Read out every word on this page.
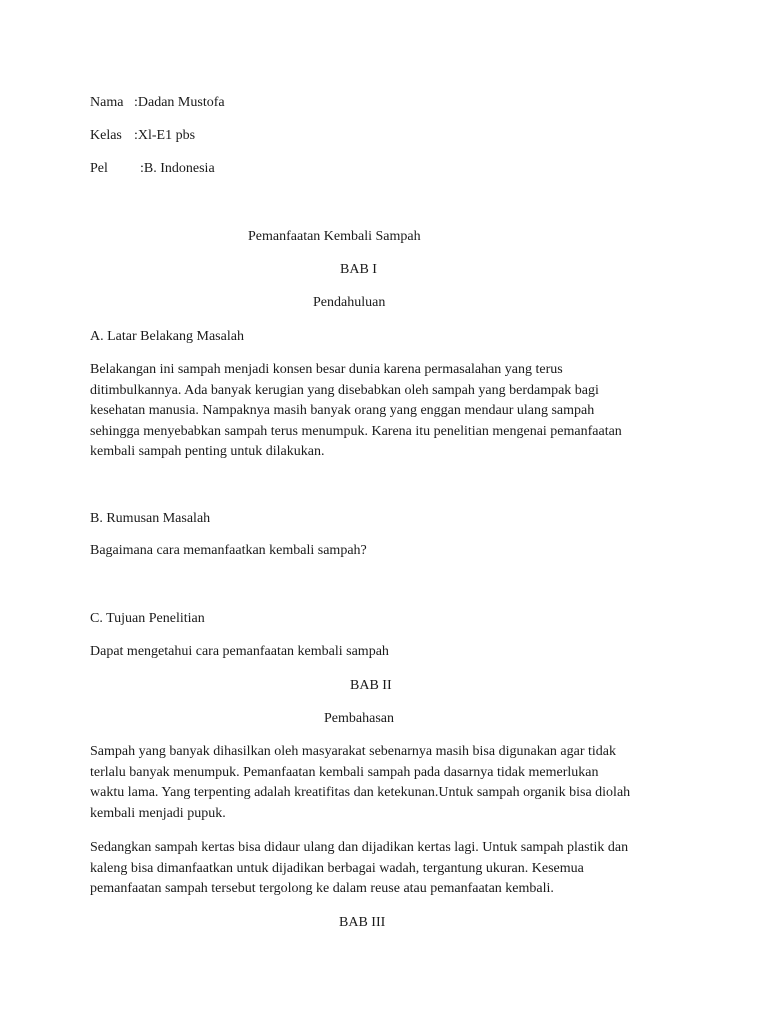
Nama :Dadan Mustofa
Kelas :Xl-E1 pbs
Pel :B. Indonesia
Pemanfaatan Kembali Sampah
BAB I
Pendahuluan
A. Latar Belakang Masalah
Belakangan ini sampah menjadi konsen besar dunia karena permasalahan yang terus
ditimbulkannya. Ada banyak kerugian yang disebabkan oleh sampah yang berdampak bagi
kesehatan manusia. Nampaknya masih banyak orang yang enggan mendaur ulang sampah
sehingga menyebabkan sampah terus menumpuk. Karena itu penelitian mengenai pemanfaatan
kembali sampah penting untuk dilakukan.
B. Rumusan Masalah
Bagaimana cara memanfaatkan kembali sampah?
C. Tujuan Penelitian
Dapat mengetahui cara pemanfaatan kembali sampah
BAB II
Pembahasan
Sampah yang banyak dihasilkan oleh masyarakat sebenarnya masih bisa digunakan agar tidak
terlalu banyak menumpuk. Pemanfaatan kembali sampah pada dasarnya tidak memerlukan
waktu lama. Yang terpenting adalah kreatifitas dan ketekunan.Untuk sampah organik bisa diolah
kembali menjadi pupuk.
Sedangkan sampah kertas bisa didaur ulang dan dijadikan kertas lagi. Untuk sampah plastik dan
kaleng bisa dimanfaatkan untuk dijadikan berbagai wadah, tergantung ukuran. Kesemua
pemanfaatan sampah tersebut tergolong ke dalam reuse atau pemanfaatan kembali.
BAB III
